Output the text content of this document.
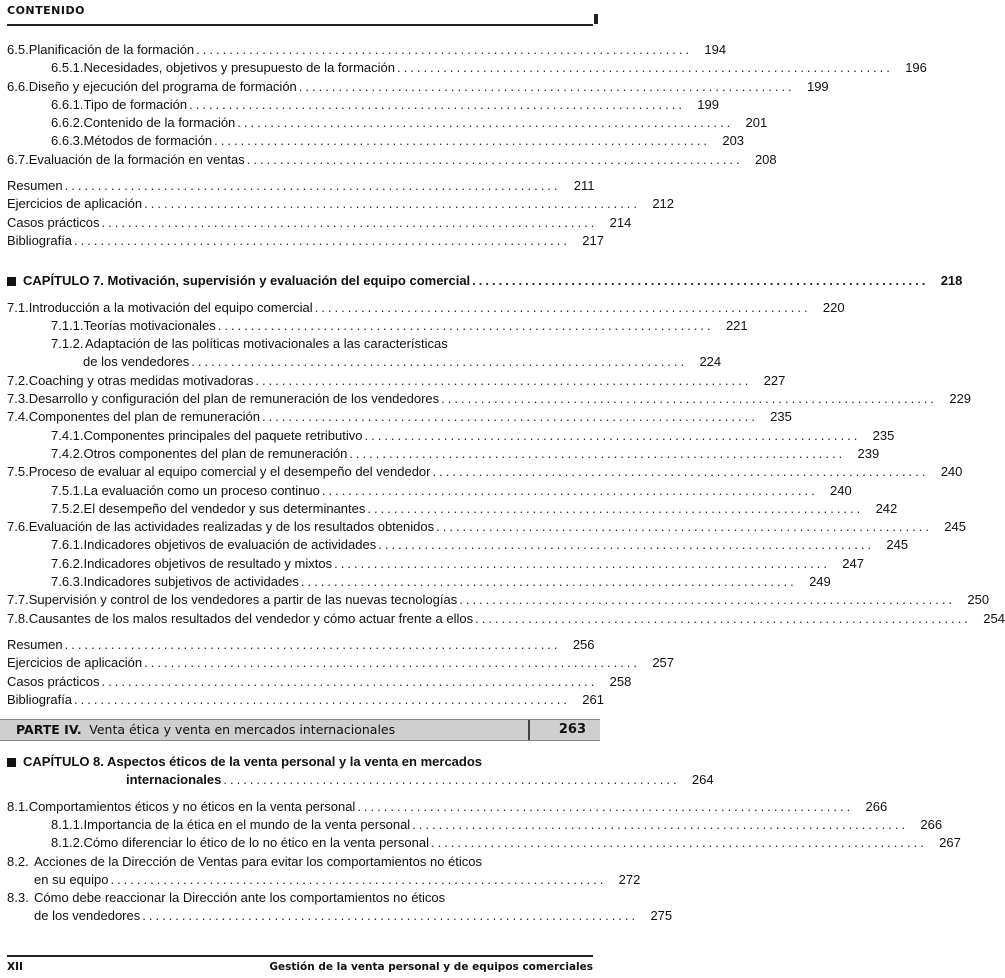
CONTENIDO
6.5. Planificación de la formación ........................................................................... 194
6.5.1. Necesidades, objetivos y presupuesto de la formación ........................................................................... 196
6.6. Diseño y ejecución del programa de formación ........................................................................... 199
6.6.1. Tipo de formación ........................................................................... 199
6.6.2. Contenido de la formación ........................................................................... 201
6.6.3. Métodos de formación ........................................................................... 203
6.7. Evaluación de la formación en ventas ........................................................................... 208
Resumen ...........................................................................	211
Ejercicios de aplicación ........................................................................... 212
Casos prácticos ........................................................................... 214
Bibliografía ........................................................................... 217
CAPÍTULO 7. Motivación, supervisión y evaluación del equipo comercial ..................................................................... 218
7.1. Introducción a la motivación del equipo comercial ........................................................................... 220
7.1.1. Teorías motivacionales ........................................................................... 221
7.1.2. Adaptación de las políticas motivacionales a las características
de los vendedores ........................................................................... 224
7.2. Coaching y otras medidas motivadoras ........................................................................... 227
7.3. Desarrollo y configuración del plan de remuneración de los vendedores ........................................................................... 229
7.4. Componentes del plan de remuneración ........................................................................... 235
7.4.1. Componentes principales del paquete retributivo ........................................................................... 235
7.4.2. Otros componentes del plan de remuneración ........................................................................... 239
7.5. Proceso de evaluar al equipo comercial y el desempeño del vendedor ........................................................................... 240
7.5.1. La evaluación como un proceso continuo ........................................................................... 240
7.5.2. El desempeño del vendedor y sus determinantes ........................................................................... 242
7.6. Evaluación de las actividades realizadas y de los resultados obtenidos ........................................................................... 245
7.6.1. Indicadores objetivos de evaluación de actividades ........................................................................... 245
7.6.2. Indicadores objetivos de resultado y mixtos ........................................................................... 247
7.6.3. Indicadores subjetivos de actividades ........................................................................... 249
7.7. Supervisión y control de los vendedores a partir de las nuevas tecnologías ........................................................................... 250
7.8. Causantes de los malos resultados del vendedor y cómo actuar frente a ellos ........................................................................... 254
Resumen ........................................................................... 256
Ejercicios de aplicación ........................................................................... 257
Casos prácticos ........................................................................... 258
Bibliografía ........................................................................... 261
PARTE IV. Venta ética y venta en mercados internacionales	263
CAPÍTULO 8. Aspectos éticos de la venta personal y la venta en mercados
internacionales ..................................................................... 264
8.1. Comportamientos éticos y no éticos en la venta personal ........................................................................... 266
8.1.1. Importancia de la ética en el mundo de la venta personal ........................................................................... 266
8.1.2. Cómo diferenciar lo ético de lo no ético en la venta personal ........................................................................... 267
8.2. Acciones de la Dirección de Ventas para evitar los comportamientos no éticos
en su equipo ........................................................................... 272
8.3. Cómo debe reaccionar la Dirección ante los comportamientos no éticos
de los vendedores ........................................................................... 275
XII	Gestión de la venta personal y de equipos comerciales
